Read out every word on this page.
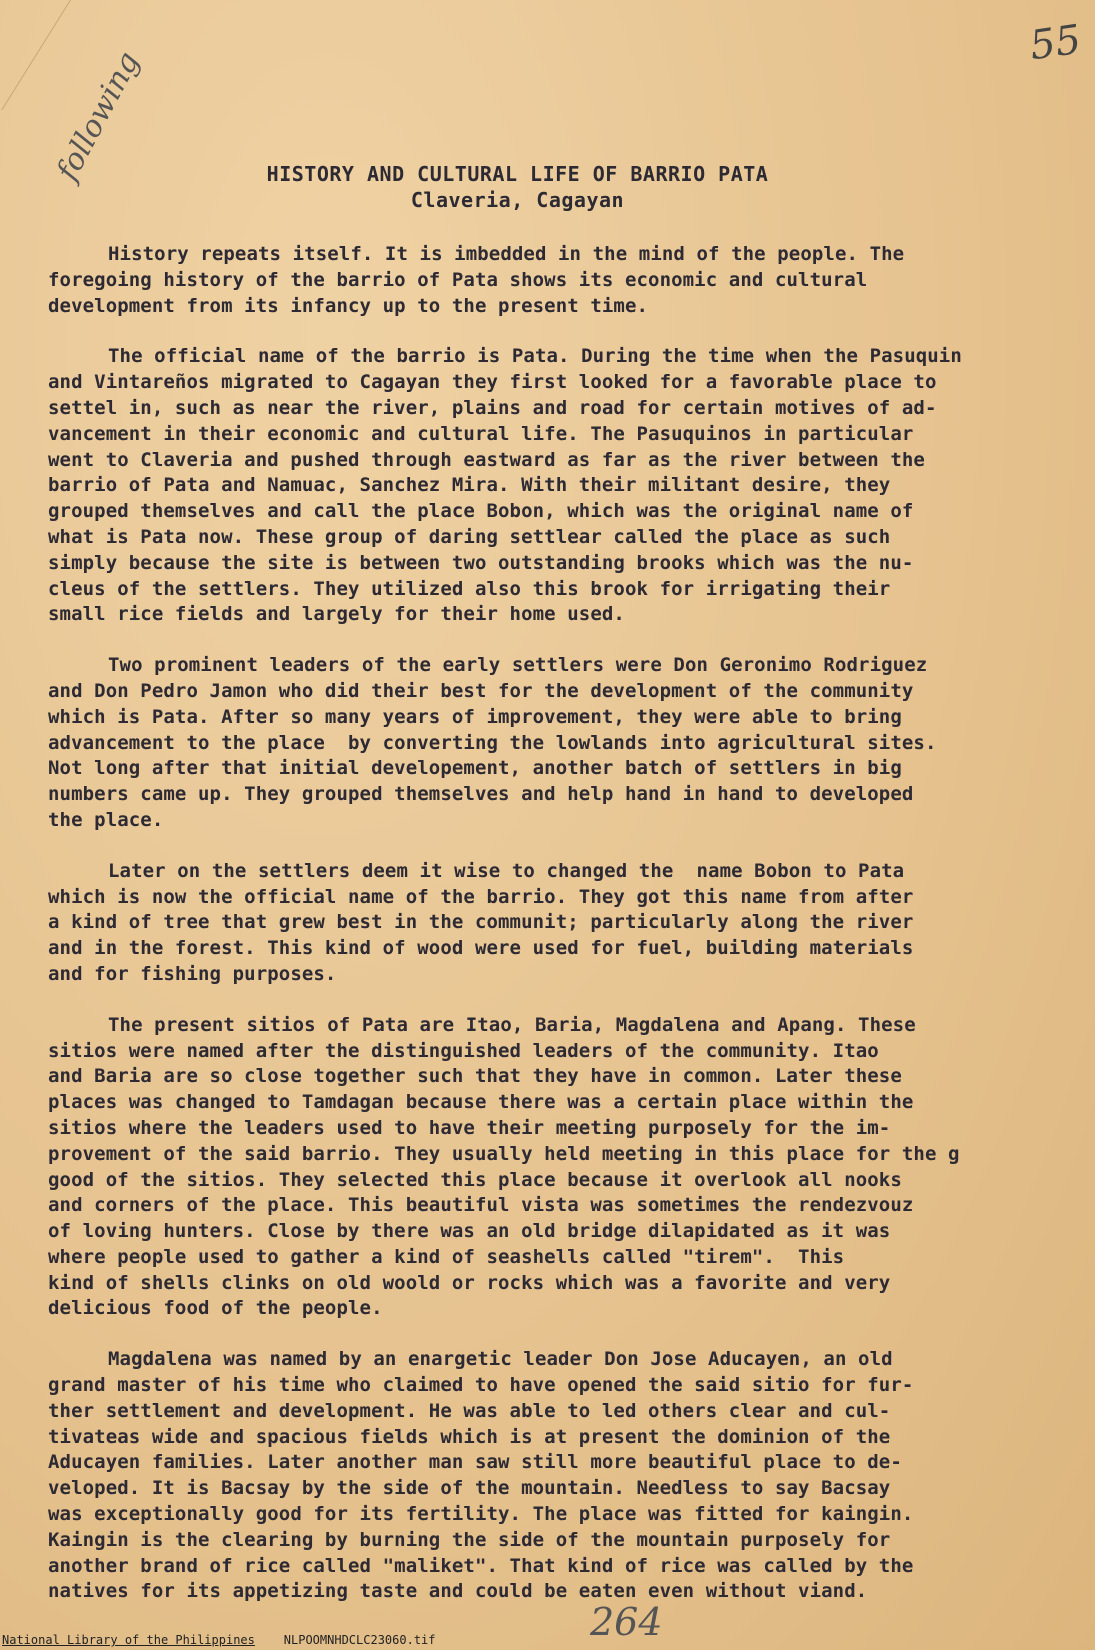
55
following	HISTORY AND CULTURAL LIFE OF BARRIO PATA
Claveria, Cagayan
History repeats itself. It is imbedded in the mind of the people. The
foregoing history of the barrio of Pata shows its economic and cultural
development from its infancy up to the present time.
The official name of the barrio is Pata. During the time when the Pasuquin
and Vintareños migrated to Cagayan they first looked for a favorable place to
settel in, such as near the river, plains and road for certain motives of ad-
vancement in their economic and cultural life. The Pasuquinos in particular
went to Claveria and pushed through eastward as far as the river between the
barrio of Pata and Namuac, Sanchez Mira. With their militant desire, they
grouped themselves and call the place Bobon, which was the original name of
what is Pata now. These group of daring settlear called the place as such
simply because the site is between two outstanding brooks which was the nu-
cleus of the settlers. They utilized also this brook for irrigating their
small rice fields and largely for their home used.
Two prominent leaders of the early settlers were Don Geronimo Rodriguez
and Don Pedro Jamon who did their best for the development of the community
which is Pata. After so many years of improvement, they were able to bring
advancement to the place  by converting the lowlands into agricultural sites.
Not long after that initial developement, another batch of settlers in big
numbers came up. They grouped themselves and help hand in hand to developed
the place.
Later on the settlers deem it wise to changed the  name Bobon to Pata
which is now the official name of the barrio. They got this name from after
a kind of tree that grew best in the communit; particularly along the river
and in the forest. This kind of wood were used for fuel, building materials
and for fishing purposes.
The present sitios of Pata are Itao, Baria, Magdalena and Apang. These
sitios were named after the distinguished leaders of the community. Itao
and Baria are so close together such that they have in common. Later these
places was changed to Tamdagan because there was a certain place within the
sitios where the leaders used to have their meeting purposely for the im-
provement of the said barrio. They usually held meeting in this place for the g
good of the sitios. They selected this place because it overlook all nooks
and corners of the place. This beautiful vista was sometimes the rendezvouz
of loving hunters. Close by there was an old bridge dilapidated as it was
where people used to gather a kind of seashells called "tirem".  This
kind of shells clinks on old woold or rocks which was a favorite and very
delicious food of the people.
Magdalena was named by an enargetic leader Don Jose Aducayen, an old
grand master of his time who claimed to have opened the said sitio for fur-
ther settlement and development. He was able to led others clear and cul-
tivateas wide and spacious fields which is at present the dominion of the
Aducayen families. Later another man saw still more beautiful place to de-
veloped. It is Bacsay by the side of the mountain. Needless to say Bacsay
was exceptionally good for its fertility. The place was fitted for kaingin.
Kaingin is the clearing by burning the side of the mountain purposely for
another brand of rice called "maliket". That kind of rice was called by the
natives for its appetizing taste and could be eaten even without viand.
264
National Library of the Philippines NLPOOMNHDCLC23060.tif
